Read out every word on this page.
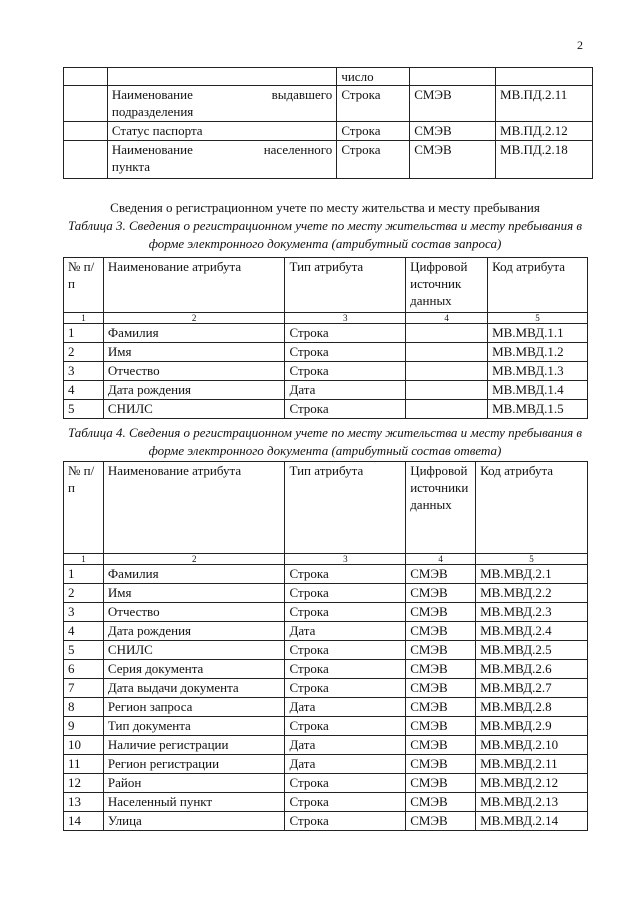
2
		число		

	Наименование выдавшего
подразделения	Строка	СМЭВ	МВ.ПД.2.11
	Статус паспорта	Строка	СМЭВ	МВ.ПД.2.12

	Наименование населенного
пункта	Строка	СМЭВ	МВ.ПД.2.18
Сведения о регистрационном учете по месту жительства и месту пребывания
Таблица 3. Сведения о регистрационном учете по месту жительства и месту пребывания в форме электронного документа (атрибутный состав запроса)
№ п/п	Наименование атрибута	Тип атрибута	Цифровой источник данных	Код атрибута
1	2	3	4	5
1	Фамилия	Строка		МВ.МВД.1.1
2	Имя	Строка		МВ.МВД.1.2
3	Отчество	Строка		МВ.МВД.1.3
4	Дата рождения	Дата		МВ.МВД.1.4
5	СНИЛС	Строка		МВ.МВД.1.5
Таблица 4. Сведения о регистрационном учете по месту жительства и месту пребывания в форме электронного документа (атрибутный состав ответа)
№ п/п	Наименование атрибута	Тип атрибута	Цифровой источники данных	Код атрибута
1	2	3	4	5
1	Фамилия	Строка	СМЭВ	МВ.МВД.2.1
2	Имя	Строка	СМЭВ	МВ.МВД.2.2
3	Отчество	Строка	СМЭВ	МВ.МВД.2.3
4	Дата рождения	Дата	СМЭВ	МВ.МВД.2.4
5	СНИЛС	Строка	СМЭВ	МВ.МВД.2.5
6	Серия документа	Строка	СМЭВ	МВ.МВД.2.6
7	Дата выдачи документа	Строка	СМЭВ	МВ.МВД.2.7
8	Регион запроса	Дата	СМЭВ	МВ.МВД.2.8
9	Тип документа	Строка	СМЭВ	МВ.МВД.2.9
10	Наличие регистрации	Дата	СМЭВ	МВ.МВД.2.10
11	Регион регистрации	Дата	СМЭВ	МВ.МВД.2.11
12	Район	Строка	СМЭВ	МВ.МВД.2.12
13	Населенный пункт	Строка	СМЭВ	МВ.МВД.2.13
14	Улица	Строка	СМЭВ	МВ.МВД.2.14
